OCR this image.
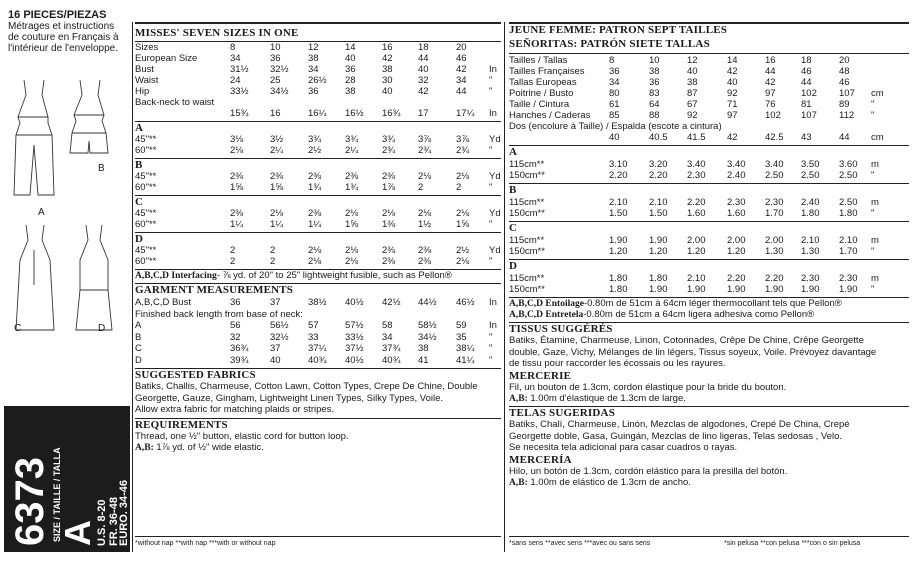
16 PIECES/PIEZAS
Métrages et instructions
de couture en Français à
l'intérieur de l'enveloppe.
A
B
C	D
6373 SIZE / TAILLE / TALLA
A
U.S. 8-20
FR. 36-48
EURO. 34-46
MISSES' SEVEN SIZES IN ONE
Sizes	8	10	12	14	16	18	20
European Size	34	36	38	40	42	44	46
Bust	31½ 32½ 34	36	38	40	42 In
Waist	24	25	26½ 28	30	32	34 "
Hip	33½ 34½ 36	38	40	42	44 "
Back-neck to waist
15¾ 16	16¼ 16½ 16¾ 17	17¼ In
A
45"**	3⅛	3½	3¾	3¾	3¾ 3⅞	3⅞ Yd
60"**	2⅛	2¼	2½	2¼	2¾ 2¾	2¾ "
B
45"**	2⅜	2⅜	2⅜	2⅜	2⅜ 2⅛	2⅛ Yd
60"**	1⅝	1⅝	1¾	1¾	1⅞ 2	2	"
C
45"**	2⅜	2⅛	2⅜	2⅛	2⅛ 2⅛	2⅛ Yd
60"**	1¼	1¼	1¼	1⅝	1⅜ 1½	1⅝ "
D
45"**	2	2	2⅛	2⅛	2⅜ 2⅜	2½ Yd
60"**	2	2	2⅛	2⅛	2⅜ 2⅜	2⅛ "
A,B,C,D Interfacing- ⅞ yd. of 20" to 25" lightweight fusible, such as Pellon®
GARMENT MEASUREMENTS
A,B,C,D Bust	36	37	38½ 40½ 42½ 44½ 46½ In
Finished back length from base of neck:
A	56	56½ 57	57½ 58	58½ 59 In
B	32	32½ 33	33½ 34	34½ 35 "
C	36¾ 37	37¼ 37½ 37¾ 38	38¼ "
D	39¾ 40	40¾ 40½ 40¾ 41	41¼ "
SUGGESTED FABRICS
Batiks, Challis, Charmeuse, Cotton Lawn, Cotton Types, Crepe De Chine, Double
Georgette, Gauze, Gingham, Lightweight Linen Types, Silky Types, Voile.
Allow extra fabric for matching plaids or stripes.
REQUIREMENTS
Thread, one ½" button, elastic cord for button loop.
A,B: 1⅞ yd. of ½" wide elastic.
*without nap **with nap ***with or without nap
JEUNE FEMME: PATRON SEPT TAILLES
SEÑORITAS: PATRÓN SIETE TALLAS
Tailles / Tallas	8	10	12	14	16	18	20
Tailles Françaises	36	38	40	42	44	46	48
Tallas Europeas	34	36	38	40	42	44	46
Poitrine / Busto	80	83	87	92	97	102 107 cm
Taille / Cintura	61	64	67	71	76	81	89 "
Hanches / Caderas 85	88	92	97	102 107 112 "
Dos (encolure à Taille) / Espalda (escote a cintura)
40	40.5 41.5 42	42.5 43	44 cm
A
115cm**	3.10 3.20 3.40 3.40 3.40 3.50 3.60 m
150cm**	2.20 2.20 2.30 2.40 2.50 2.50 2.50 "
B
115cm**	2.10 2.10 2.20 2.30 2.30 2.40 2.50 m
150cm**	1.50 1.50 1.60 1.60 1.70 1.80 1.80 "
C
115cm**	1.90 1.90 2.00 2.00 2.00 2.10 2.10 m
150cm**	1.20 1.20 1.20 1.20 1.30 1.30 1.70 "
D
115cm**	1.80 1.80 2.10 2.20 2.20 2.30 2.30 m
150cm**	1.80 1.90 1.90 1.90 1.90 1.90 1.90 "
A,B,C,D Entoilage-0.80m de 51cm à 64cm léger thermocollant tels que Pellon®
A,B,C,D Entretela-0.80m de 51cm a 64cm ligera adhesiva como Pellon®
TISSUS SUGGÉRÉS
Batiks, Étamine, Charmeuse, Linon, Cotonnades, Crêpe De Chine, Crêpe Georgette
double, Gaze, Vichy, Mélanges de lin légers, Tissus soyeux, Voile. Prévoyez davantage
de tissu pour raccorder les écossais ou les rayures.
MERCERIE
Fil, un bouton de 1.3cm, cordon élastique pour la bride du bouton.
A,B: 1.00m d'élastique de 1.3cm de large.
TELAS SUGERIDAS
Batiks, Chalí, Charmeuse, Linón, Mezclas de algodones, Crepé De China, Crepé
Georgette doble, Gasa, Guingán, Mezclas de lino ligeras, Telas sedosas , Velo.
Se necesita tela adicional para casar cuadros o rayas.
MERCERÍA
Hilo, un botón de 1.3cm, cordón elástico para la presilla del botón.
A,B: 1.00m de elástico de 1.3cm de ancho.
*sans sens **avec sens ***avec ou sans sens	*sin pelusa **con pelusa ***con o sin pelusa
